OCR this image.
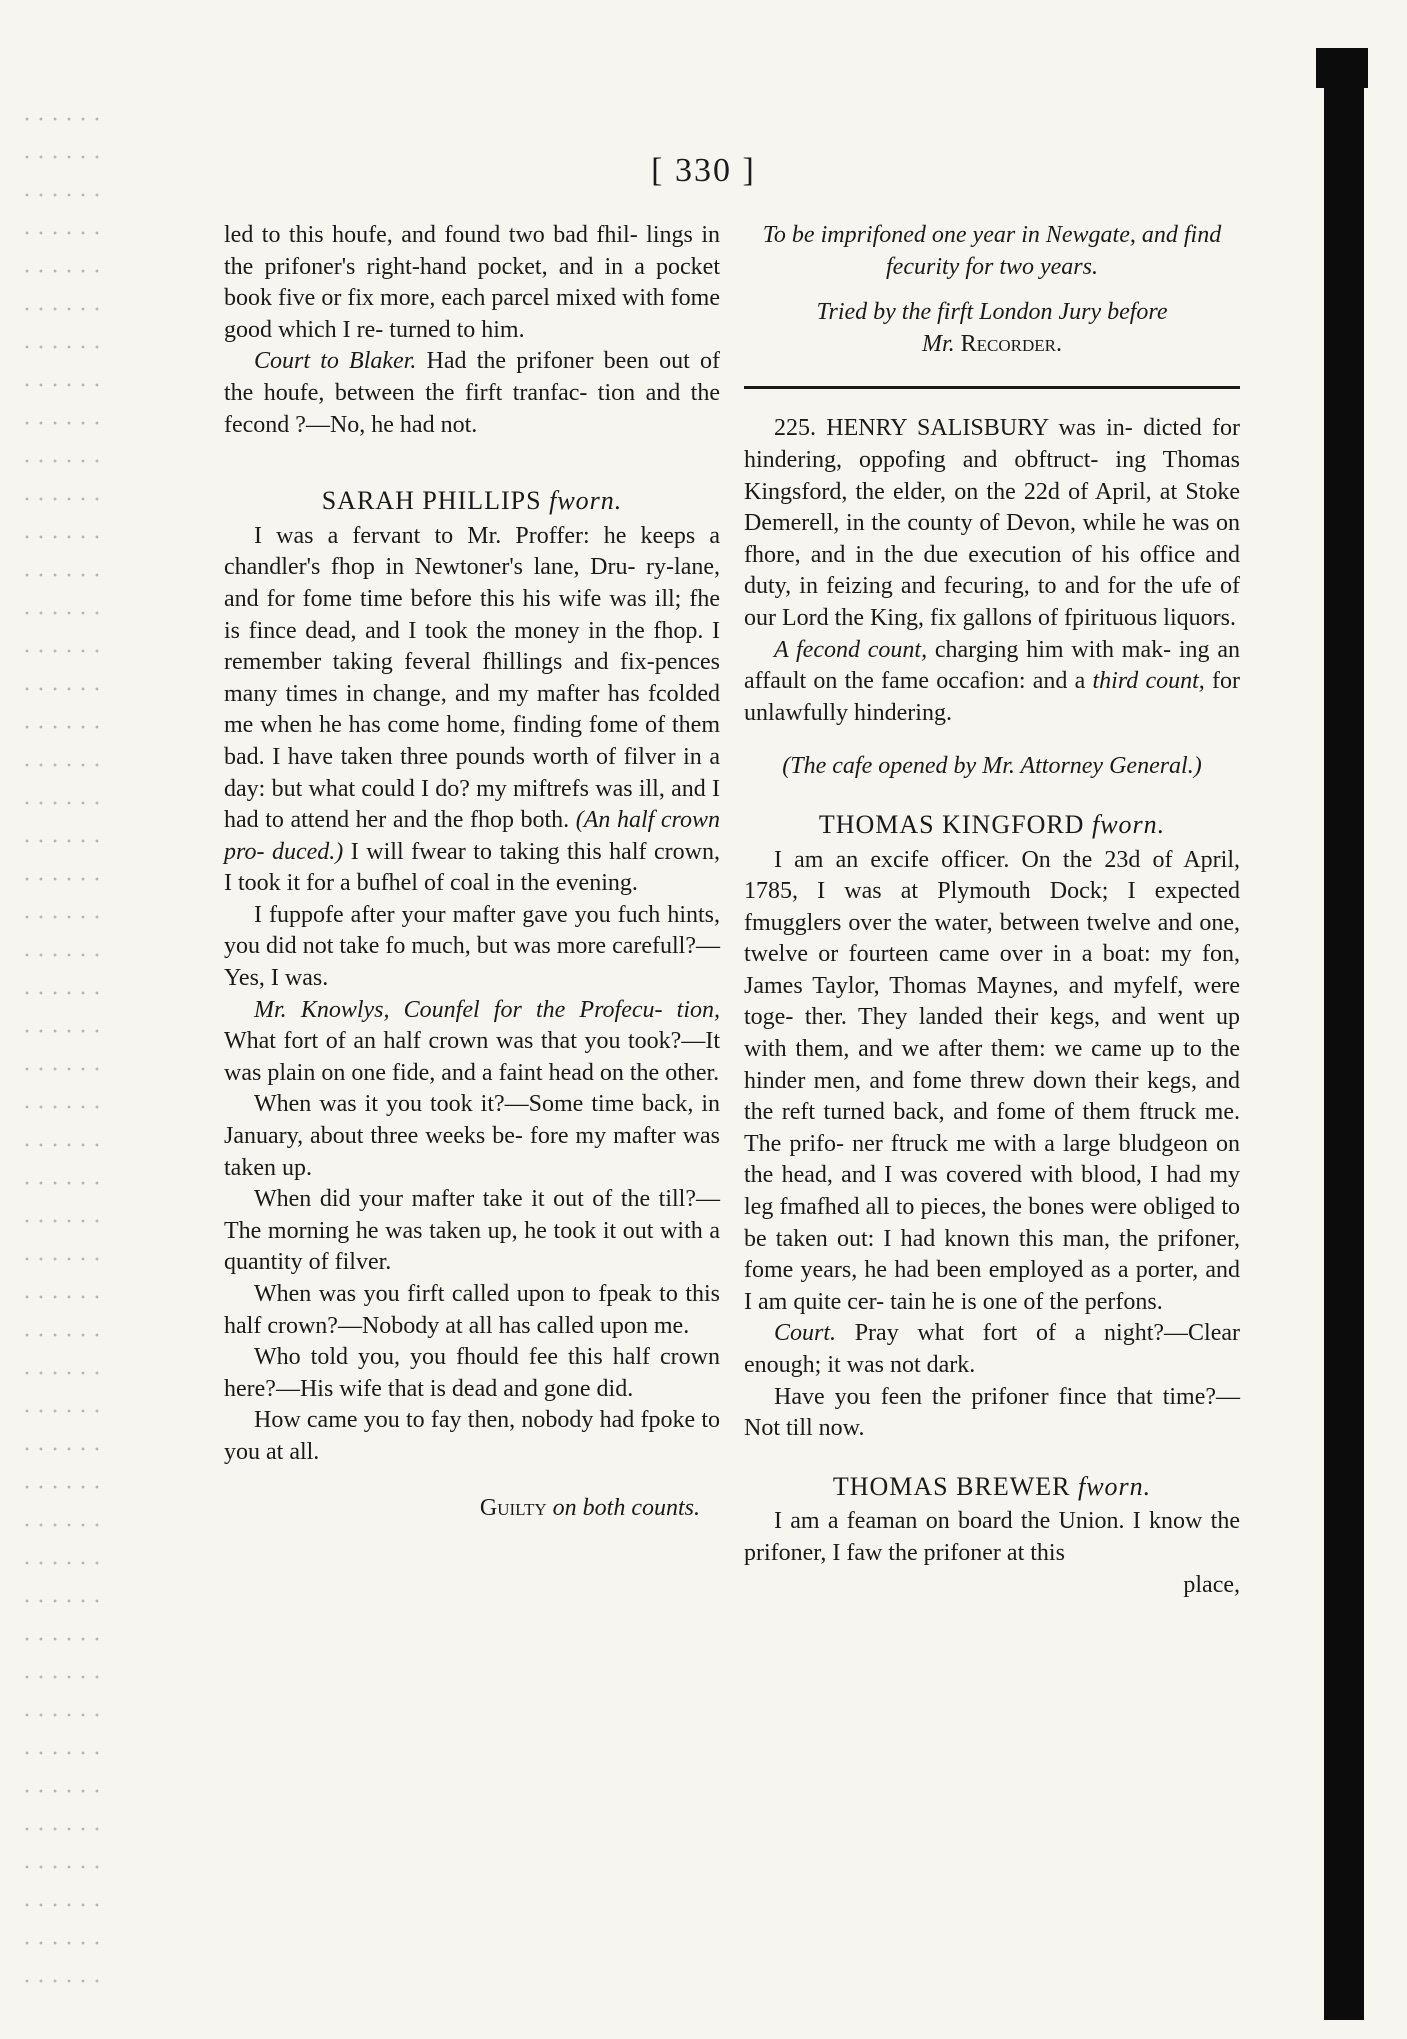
[ 330 ]

led to this houfe, and found two bad fhil- lings in the prifoner's right-hand pocket, and in a pocket book five or fix more, each parcel mixed with fome good which I re- turned to him.

Court to Blaker. Had the prifoner been out of the houfe, between the firft tranfac- tion and the fecond ?—No, he had not.

SARAH PHILLIPS fworn.

I was a fervant to Mr. Proffer: he keeps a chandler's fhop in Newtoner's lane, Dru- ry-lane, and for fome time before this his wife was ill; fhe is fince dead, and I took the money in the fhop. I remember taking feveral fhillings and fix-pences many times in change, and my mafter has fcolded me when he has come home, finding fome of them bad. I have taken three pounds worth of filver in a day: but what could I do? my miftrefs was ill, and I had to attend her and the fhop both. (An half crown pro- duced.) I will fwear to taking this half crown, I took it for a bufhel of coal in the evening.

I fuppofe after your mafter gave you fuch hints, you did not take fo much, but was more carefull?—Yes, I was.

Mr. Knowlys, Counfel for the Profecu- tion, What fort of an half crown was that you took?—It was plain on one fide, and a faint head on the other.

When was it you took it?—Some time back, in January, about three weeks be- fore my mafter was taken up.

When did your mafter take it out of the till?—The morning he was taken up, he took it out with a quantity of filver.

When was you firft called upon to fpeak to this half crown?—Nobody at all has called upon me.

Who told you, you fhould fee this half crown here?—His wife that is dead and gone did.

How came you to fay then, nobody had fpoke to you at all.

Guilty on both counts.

To be imprifoned one year in Newgate, and find fecurity for two years.

Tried by the firft London Jury before
Mr. Recorder.

225. HENRY SALISBURY was in- dicted for hindering, oppofing and obftruct- ing Thomas Kingsford, the elder, on the 22d of April, at Stoke Demerell, in the county of Devon, while he was on fhore, and in the due execution of his office and duty, in feizing and fecuring, to and for the ufe of our Lord the King, fix gallons of fpirituous liquors.

A fecond count, charging him with mak- ing an affault on the fame occafion: and a third count, for unlawfully hindering.

(The cafe opened by Mr. Attorney General.)

THOMAS KINGFORD fworn.

I am an excife officer. On the 23d of April, 1785, I was at Plymouth Dock; I expected fmugglers over the water, between twelve and one, twelve or fourteen came over in a boat: my fon, James Taylor, Thomas Maynes, and myfelf, were toge- ther. They landed their kegs, and went up with them, and we after them: we came up to the hinder men, and fome threw down their kegs, and the reft turned back, and fome of them ftruck me. The prifo- ner ftruck me with a large bludgeon on the head, and I was covered with blood, I had my leg fmafhed all to pieces, the bones were obliged to be taken out: I had known this man, the prifoner, fome years, he had been employed as a porter, and I am quite cer- tain he is one of the perfons.

Court. Pray what fort of a night?—Clear enough; it was not dark.

Have you feen the prifoner fince that time?—Not till now.

THOMAS BREWER fworn.

I am a feaman on board the Union. I know the prifoner, I faw the prifoner at this

place,
